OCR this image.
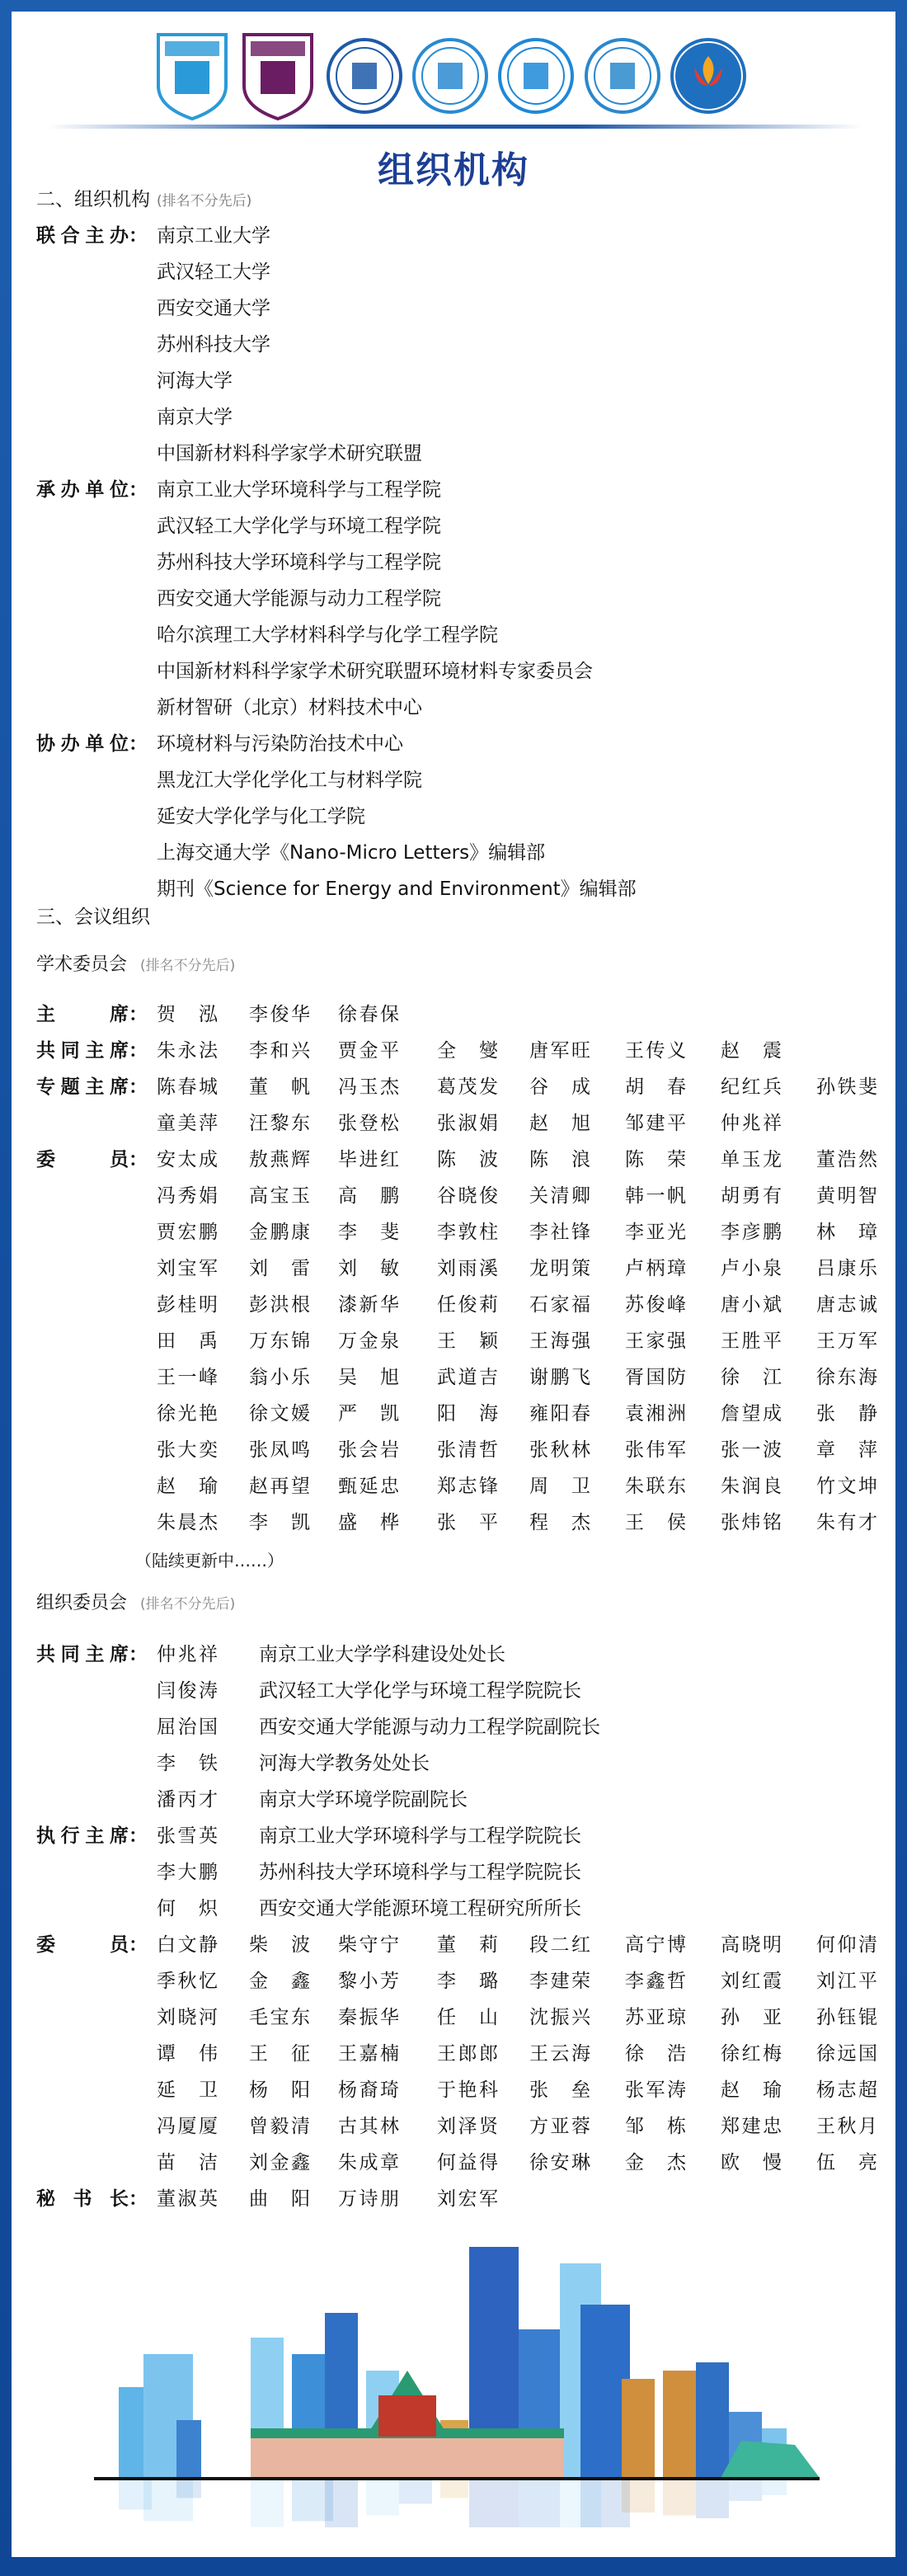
组织机构
二、组织机构 (排名不分先后)
联合主办： 南京工业大学
武汉轻工大学
西安交通大学
苏州科技大学
河海大学
南京大学
中国新材料科学家学术研究联盟
承办单位： 南京工业大学环境科学与工程学院
武汉轻工大学化学与环境工程学院
苏州科技大学环境科学与工程学院
西安交通大学能源与动力工程学院
哈尔滨理工大学材料科学与化学工程学院
中国新材料科学家学术研究联盟环境材料专家委员会
新材智研（北京）材料技术中心
协办单位： 环境材料与污染防治技术中心
黑龙江大学化学化工与材料学院
延安大学化学与化工学院
上海交通大学《Nano-Micro Letters》编辑部
期刊《Science for Energy and Environment》编辑部
三、会议组织
学术委员会 (排名不分先后)
主席： 贺泓 李俊华 徐春保
共同主席： 朱永法 李和兴 贾金平 全燮 唐军旺 王传义 赵震
专题主席： 陈春城 董帆 冯玉杰 葛茂发 谷成 胡春 纪红兵 孙铁斐
童美萍 汪黎东 张登松 张淑娟 赵旭 邹建平 仲兆祥
委员： 安太成 敖燕辉 毕进红 陈波 陈浪 陈荣 单玉龙 董浩然
冯秀娟 高宝玉 高鹏 谷晓俊 关清卿 韩一帆 胡勇有 黄明智
贾宏鹏 金鹏康 李斐 李敦柱 李社锋 李亚光 李彦鹏 林璋
刘宝军 刘雷 刘敏 刘雨溪 龙明策 卢柄璋 卢小泉 吕康乐
彭桂明 彭洪根 漆新华 任俊莉 石家福 苏俊峰 唐小斌 唐志诚
田禹 万东锦 万金泉 王颖 王海强 王家强 王胜平 王万军
王一峰 翁小乐 吴旭 武道吉 谢鹏飞 胥国防 徐江 徐东海
徐光艳 徐文媛 严凯 阳海 雍阳春 袁湘洲 詹望成 张静
张大奕 张凤鸣 张会岩 张清哲 张秋林 张伟军 张一波 章萍
赵瑜 赵再望 甄延忠 郑志锋 周卫 朱联东 朱润良 竹文坤
朱晨杰 李凯 盛桦 张平 程杰 王侯 张炜铭 朱有才
（陆续更新中……）
组织委员会 (排名不分先后)
共同主席： 仲兆祥 南京工业大学学科建设处处长
闫俊涛 武汉轻工大学化学与环境工程学院院长
屈治国 西安交通大学能源与动力工程学院副院长
李铁 河海大学教务处处长
潘丙才 南京大学环境学院副院长
执行主席： 张雪英 南京工业大学环境科学与工程学院院长
李大鹏 苏州科技大学环境科学与工程学院院长
何炽 西安交通大学能源环境工程研究所所长
委员： 白文静 柴波 柴守宁 董莉 段二红 高宁博 高晓明 何仰清
季秋忆 金鑫 黎小芳 李璐 李建荣 李鑫哲 刘红霞 刘江平
刘晓河 毛宝东 秦振华 任山 沈振兴 苏亚琼 孙亚 孙钰锟
谭伟 王征 王嘉楠 王郎郎 王云海 徐浩 徐红梅 徐远国
延卫 杨阳 杨裔琦 于艳科 张垒 张军涛 赵瑜 杨志超
冯厦厦 曾毅清 古其林 刘泽贤 方亚蓉 邹栋 郑建忠 王秋月
苗洁 刘金鑫 朱成章 何益得 徐安琳 金杰 欧慢 伍亮
秘书长： 董淑英 曲阳 万诗朋 刘宏军
